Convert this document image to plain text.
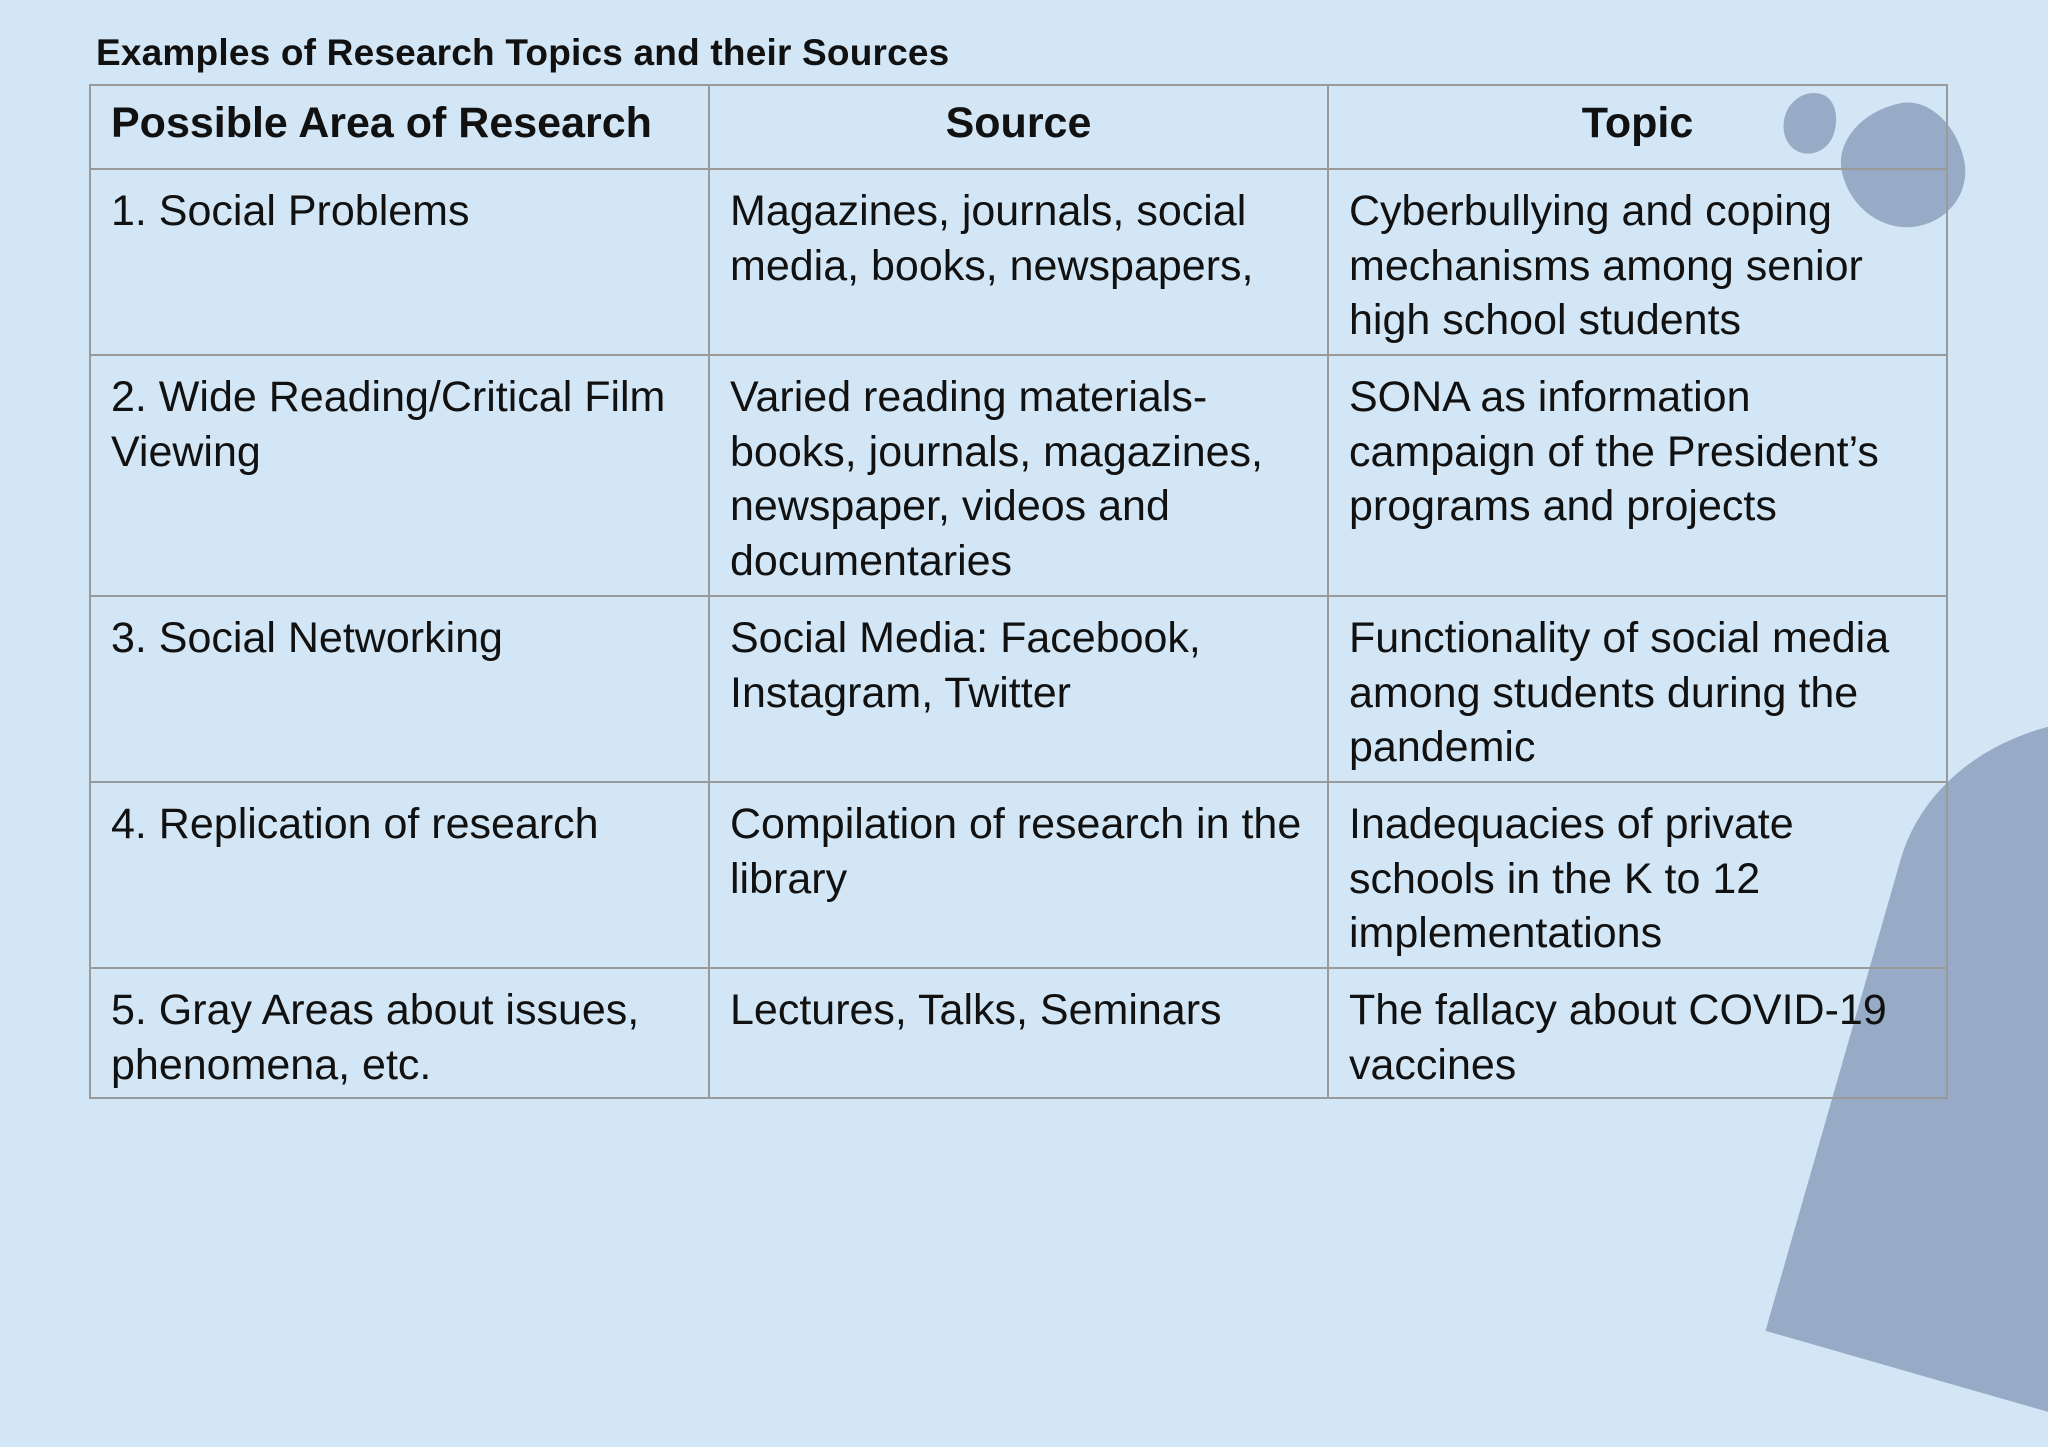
Examples of Research Topics and their Sources
Possible Area of Research	Source	Topic
1. Social Problems	Magazines, journals, social media, books, newspapers,	Cyberbullying and coping mechanisms among senior high school students
2. Wide Reading/Critical Film Viewing	Varied reading materials- books, journals, magazines, newspaper, videos and documentaries	SONA as information campaign of the President’s programs and projects
3. Social Networking	Social Media: Facebook, Instagram, Twitter	Functionality of social media among students during the pandemic
4. Replication of research	Compilation of research in the library	Inadequacies of private schools in the K to 12 implementations
5. Gray Areas about issues, phenomena, etc.	Lectures, Talks, Seminars	The fallacy about COVID-19 vaccines
